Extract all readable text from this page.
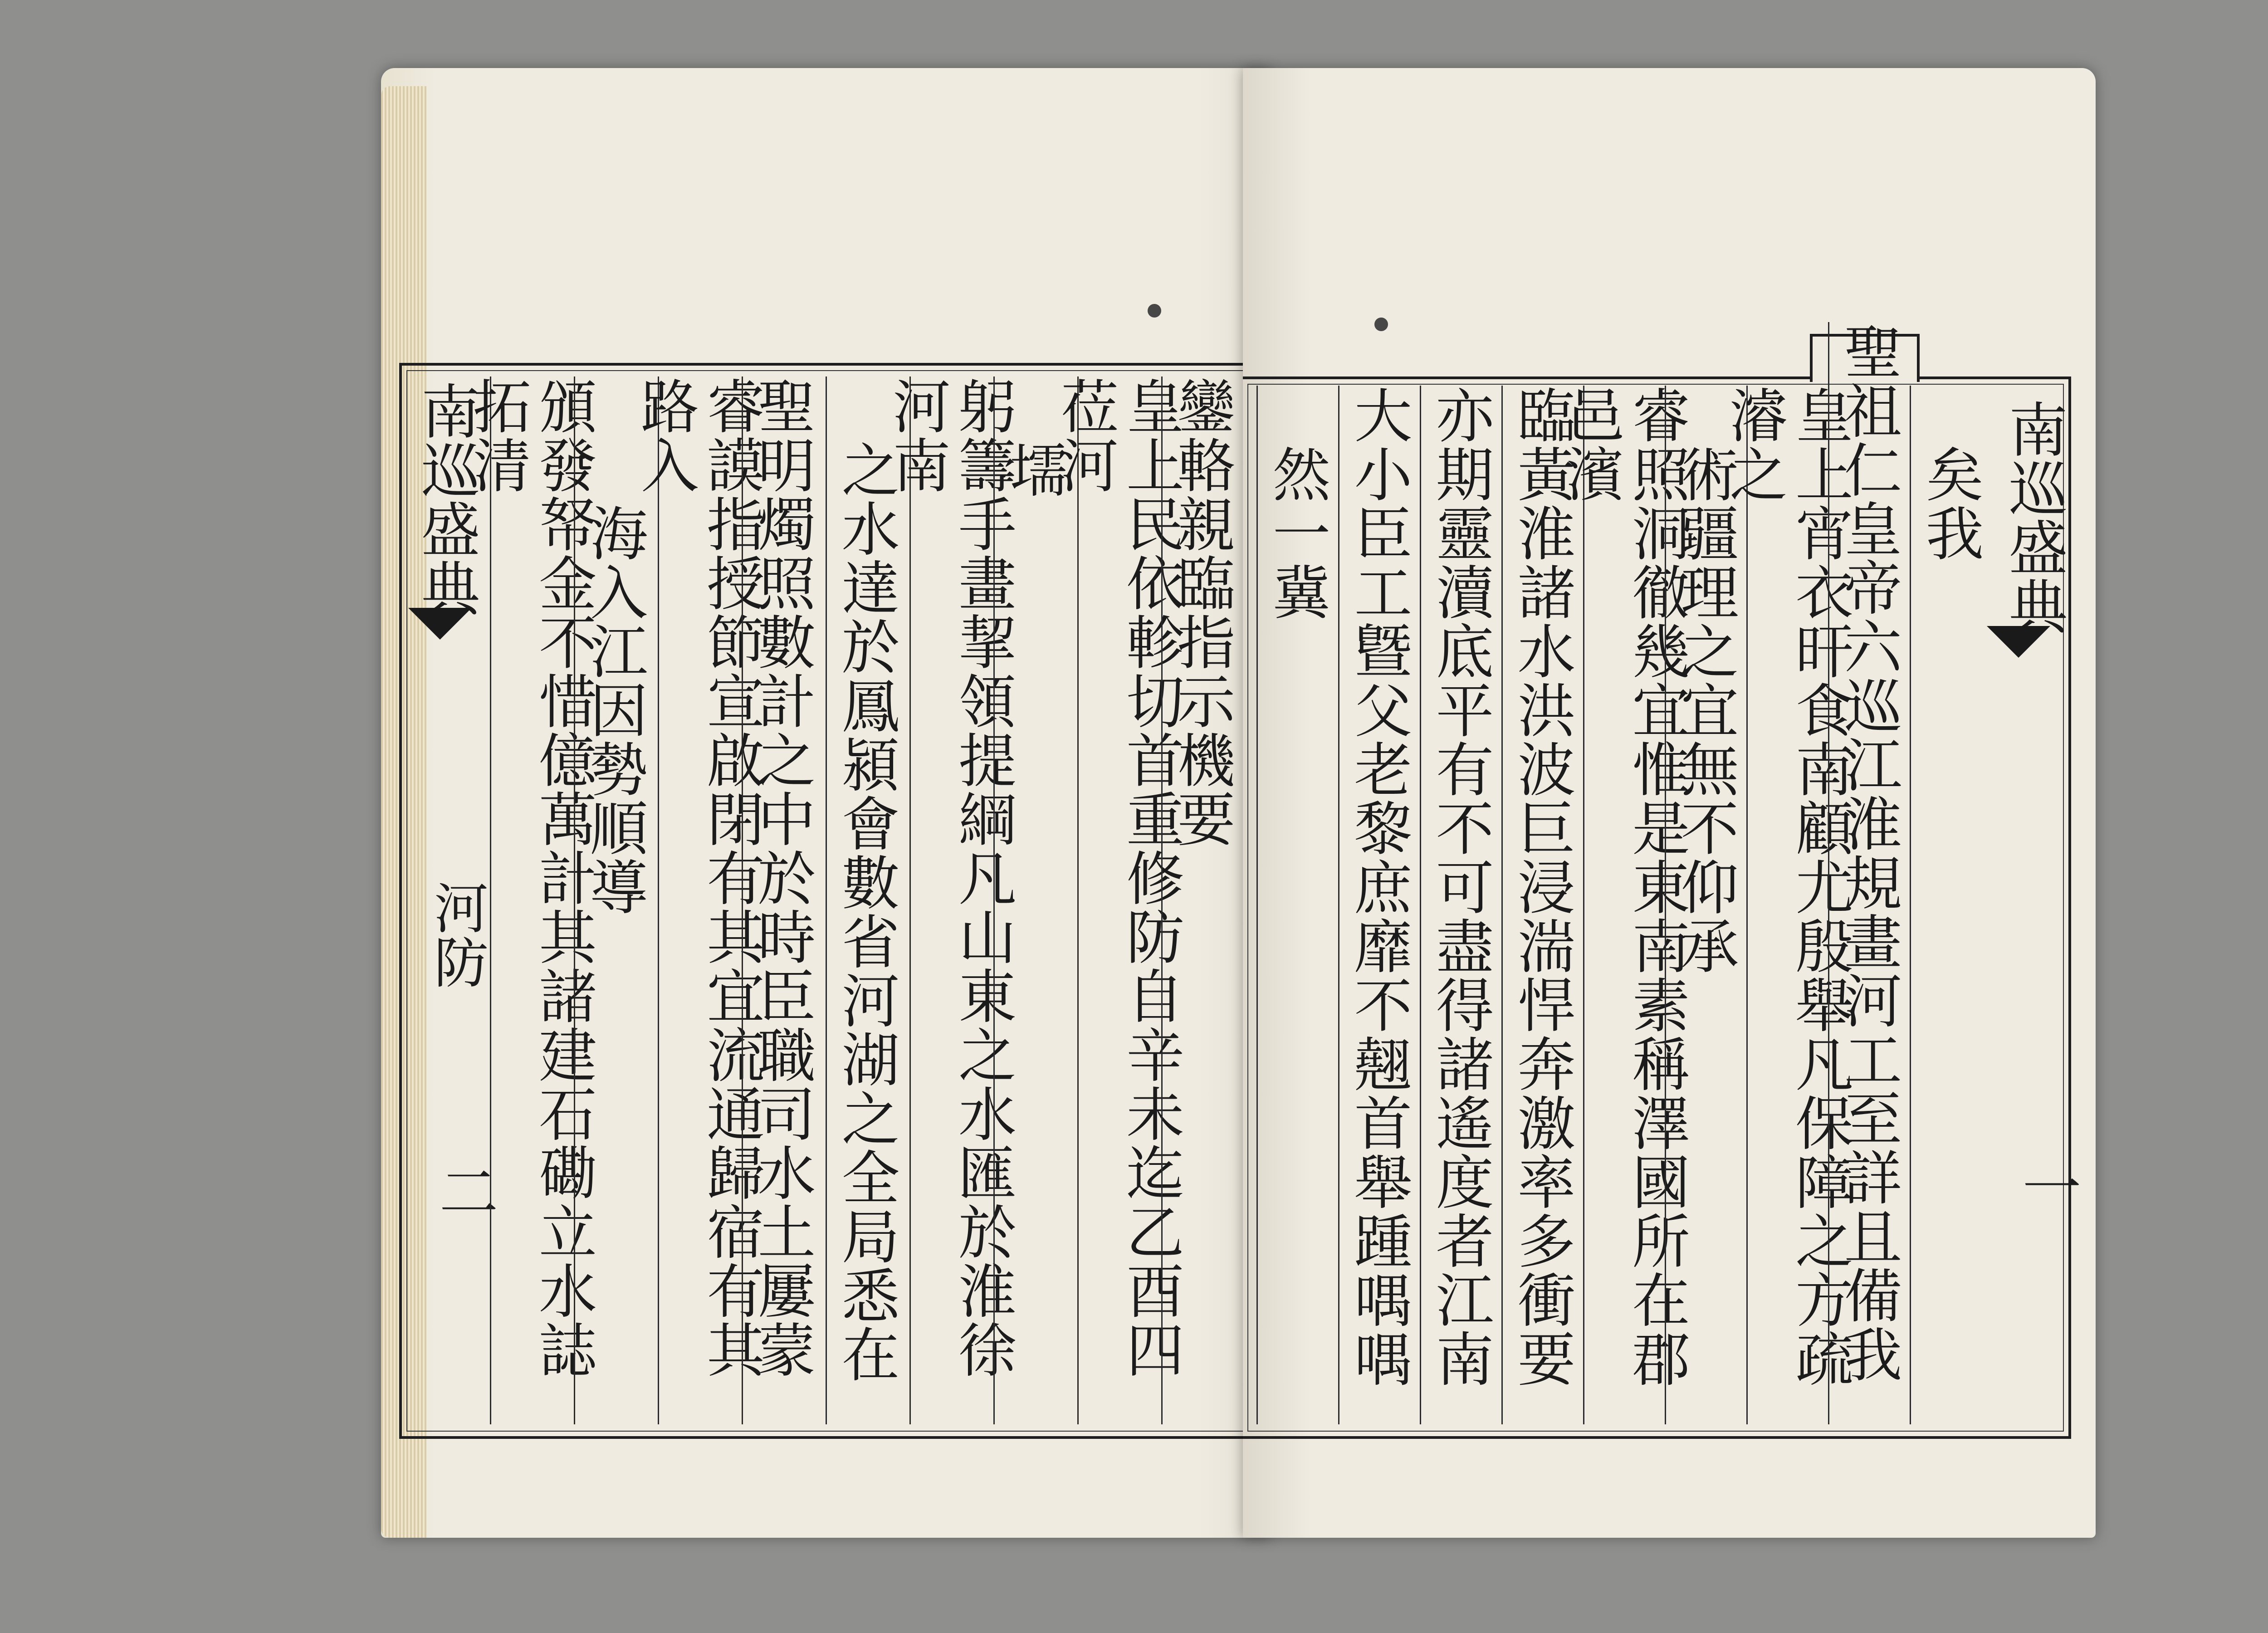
南巡盛典
河防
二 頒發帑金不惜億萬計其諸建石磡立水誌拓清
海入江因勢順導 睿謨指授節宣啟閉有其宜流通歸宿有其路入 聖明燭照數計之中於時臣職司水土屢蒙 之水達於鳳潁會數省河湖之全局悉在 躬籌手畫挈領提綱凡山東之水匯於淮徐河南 壖 皇上民依軫切首重修防自辛未迄乙酉四莅河 鑾輅親臨指示機要 然一冀 大小臣工曁父老黎庶靡不翹首舉踵喁喁 亦期靈瀆底平有不可盡得諸遙度者江南 臨黃淮諸水洪波巨浸湍悍奔激率多衝要 睿照洞徹幾宜惟是東南素稱澤國所在郡邑濱 術疆理之宜無不仰承 皇上宵衣旰食南顧尤殷舉凡保障之方疏濬之 聖祖仁皇帝六巡江淮規畫河工至詳且備我 矣我 南巡盛典
一
